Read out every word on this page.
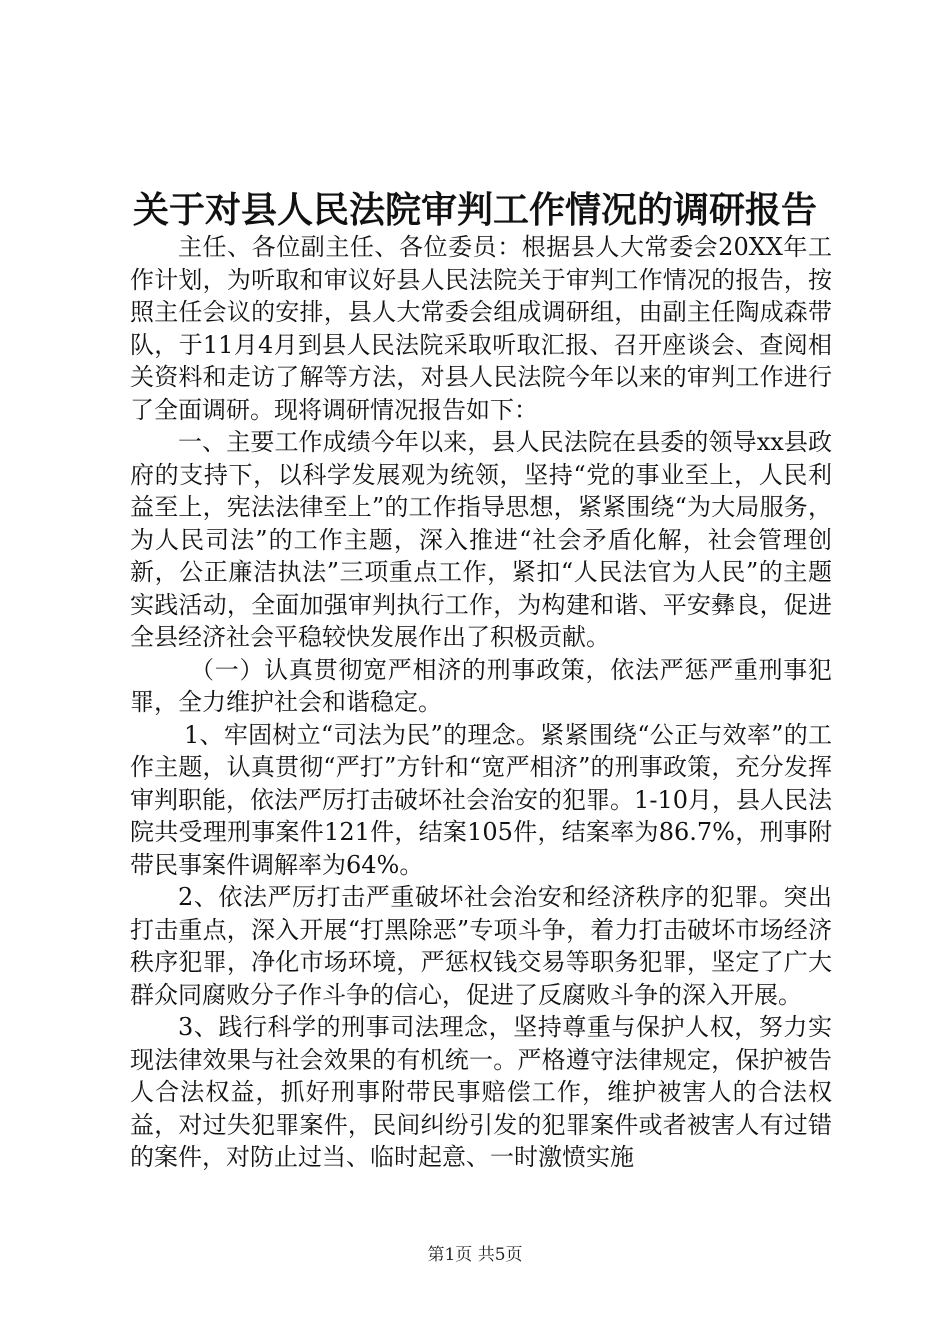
关于对县人民法院审判工作情况的调研报告

主任、各位副主任、各位委员：根据县人大常委会20XX年工作计划，为听取和审议好县人民法院关于审判工作情况的报告，按照主任会议的安排，县人大常委会组成调研组，由副主任陶成森带队，于11月4月到县人民法院采取听取汇报、召开座谈会、查阅相关资料和走访了解等方法，对县人民法院今年以来的审判工作进行了全面调研。现将调研情况报告如下：

一、主要工作成绩今年以来，县人民法院在县委的领导xx县政府的支持下，以科学发展观为统领，坚持“党的事业至上，人民利益至上，宪法法律至上”的工作指导思想，紧紧围绕“为大局服务，为人民司法”的工作主题，深入推进“社会矛盾化解，社会管理创新，公正廉洁执法”三项重点工作，紧扣“人民法官为人民”的主题实践活动，全面加强审判执行工作，为构建和谐、平安彝良，促进全县经济社会平稳较快发展作出了积极贡献。

（一）认真贯彻宽严相济的刑事政策，依法严惩严重刑事犯罪，全力维护社会和谐稳定。

1、牢固树立“司法为民”的理念。紧紧围绕“公正与效率”的工作主题，认真贯彻“严打”方针和“宽严相济”的刑事政策，充分发挥审判职能，依法严厉打击破坏社会治安的犯罪。1-10月，县人民法院共受理刑事案件121件，结案105件，结案率为86.7%，刑事附带民事案件调解率为64%。

2、依法严厉打击严重破坏社会治安和经济秩序的犯罪。突出打击重点，深入开展“打黑除恶”专项斗争，着力打击破坏市场经济秩序犯罪，净化市场环境，严惩权钱交易等职务犯罪，坚定了广大群众同腐败分子作斗争的信心，促进了反腐败斗争的深入开展。

3、践行科学的刑事司法理念，坚持尊重与保护人权，努力实现法律效果与社会效果的有机统一。严格遵守法律规定，保护被告人合法权益，抓好刑事附带民事赔偿工作，维护被害人的合法权益，对过失犯罪案件，民间纠纷引发的犯罪案件或者被害人有过错的案件，对防止过当、临时起意、一时激愤实施

第1页 共5页
